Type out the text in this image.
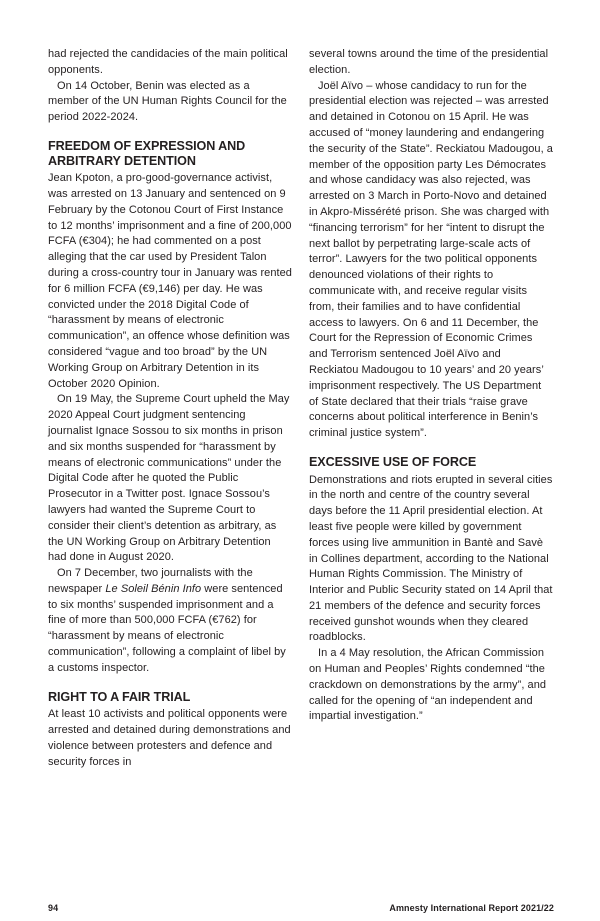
had rejected the candidacies of the main political opponents.

On 14 October, Benin was elected as a member of the UN Human Rights Council for the period 2022-2024.

FREEDOM OF EXPRESSION AND ARBITRARY DETENTION

Jean Kpoton, a pro-good-governance activist, was arrested on 13 January and sentenced on 9 February by the Cotonou Court of First Instance to 12 months’ imprisonment and a fine of 200,000 FCFA (€304); he had commented on a post alleging that the car used by President Talon during a cross-country tour in January was rented for 6 million FCFA (€9,146) per day. He was convicted under the 2018 Digital Code of “harassment by means of electronic communication”, an offence whose definition was considered “vague and too broad” by the UN Working Group on Arbitrary Detention in its October 2020 Opinion.

On 19 May, the Supreme Court upheld the May 2020 Appeal Court judgment sentencing journalist Ignace Sossou to six months in prison and six months suspended for “harassment by means of electronic communications” under the Digital Code after he quoted the Public Prosecutor in a Twitter post. Ignace Sossou’s lawyers had wanted the Supreme Court to consider their client’s detention as arbitrary, as the UN Working Group on Arbitrary Detention had done in August 2020.

On 7 December, two journalists with the newspaper Le Soleil Bénin Info were sentenced to six months’ suspended imprisonment and a fine of more than 500,000 FCFA (€762) for “harassment by means of electronic communication”, following a complaint of libel by a customs inspector.

RIGHT TO A FAIR TRIAL

At least 10 activists and political opponents were arrested and detained during demonstrations and violence between protesters and defence and security forces in

several towns around the time of the presidential election.

Joël Aïvo – whose candidacy to run for the presidential election was rejected – was arrested and detained in Cotonou on 15 April. He was accused of “money laundering and endangering the security of the State”. Reckiatou Madougou, a member of the opposition party Les Démocrates and whose candidacy was also rejected, was arrested on 3 March in Porto-Novo and detained in Akpro-Missérété prison. She was charged with “financing terrorism” for her “intent to disrupt the next ballot by perpetrating large-scale acts of terror”. Lawyers for the two political opponents denounced violations of their rights to communicate with, and receive regular visits from, their families and to have confidential access to lawyers. On 6 and 11 December, the Court for the Repression of Economic Crimes and Terrorism sentenced Joël Aïvo and Reckiatou Madougou to 10 years’ and 20 years’ imprisonment respectively. The US Department of State declared that their trials “raise grave concerns about political interference in Benin’s criminal justice system”.

EXCESSIVE USE OF FORCE

Demonstrations and riots erupted in several cities in the north and centre of the country several days before the 11 April presidential election. At least five people were killed by government forces using live ammunition in Bantè and Savè in Collines department, according to the National Human Rights Commission. The Ministry of Interior and Public Security stated on 14 April that 21 members of the defence and security forces received gunshot wounds when they cleared roadblocks.

In a 4 May resolution, the African Commission on Human and Peoples’ Rights condemned “the crackdown on demonstrations by the army”, and called for the opening of “an independent and impartial investigation.”

94	Amnesty International Report 2021/22
